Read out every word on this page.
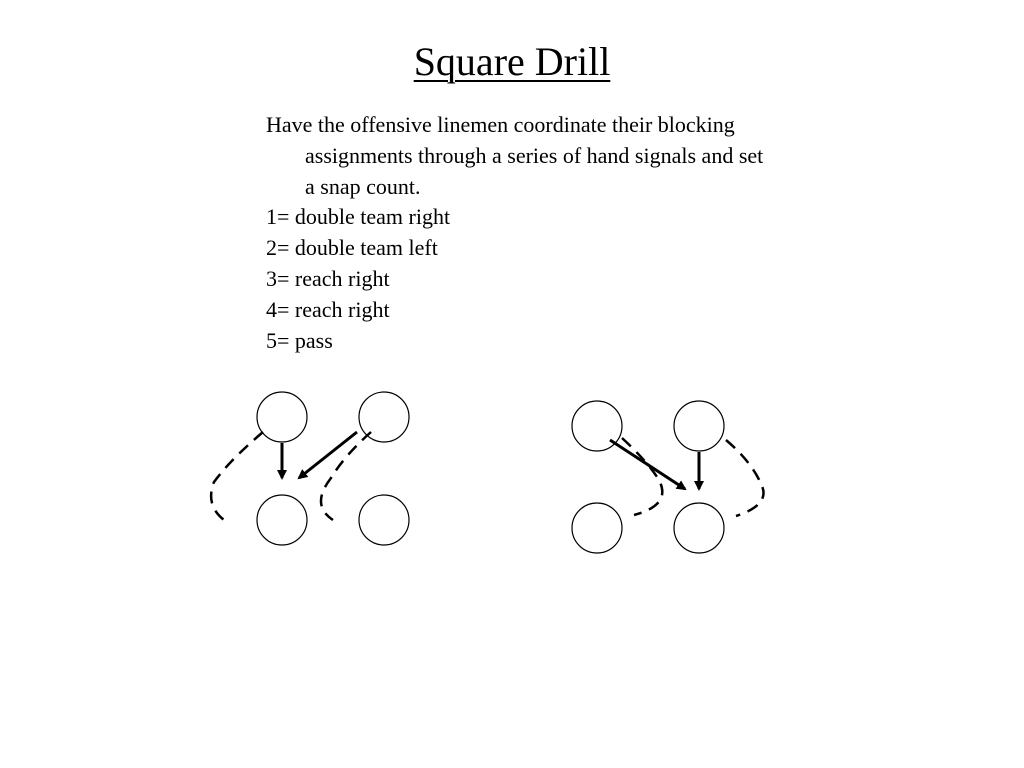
Square Drill

Have the offensive linemen coordinate their blocking assignments through a series of hand signals and set a snap count.

1= double team right

2= double team left

3= reach right

4= reach right

5= pass
